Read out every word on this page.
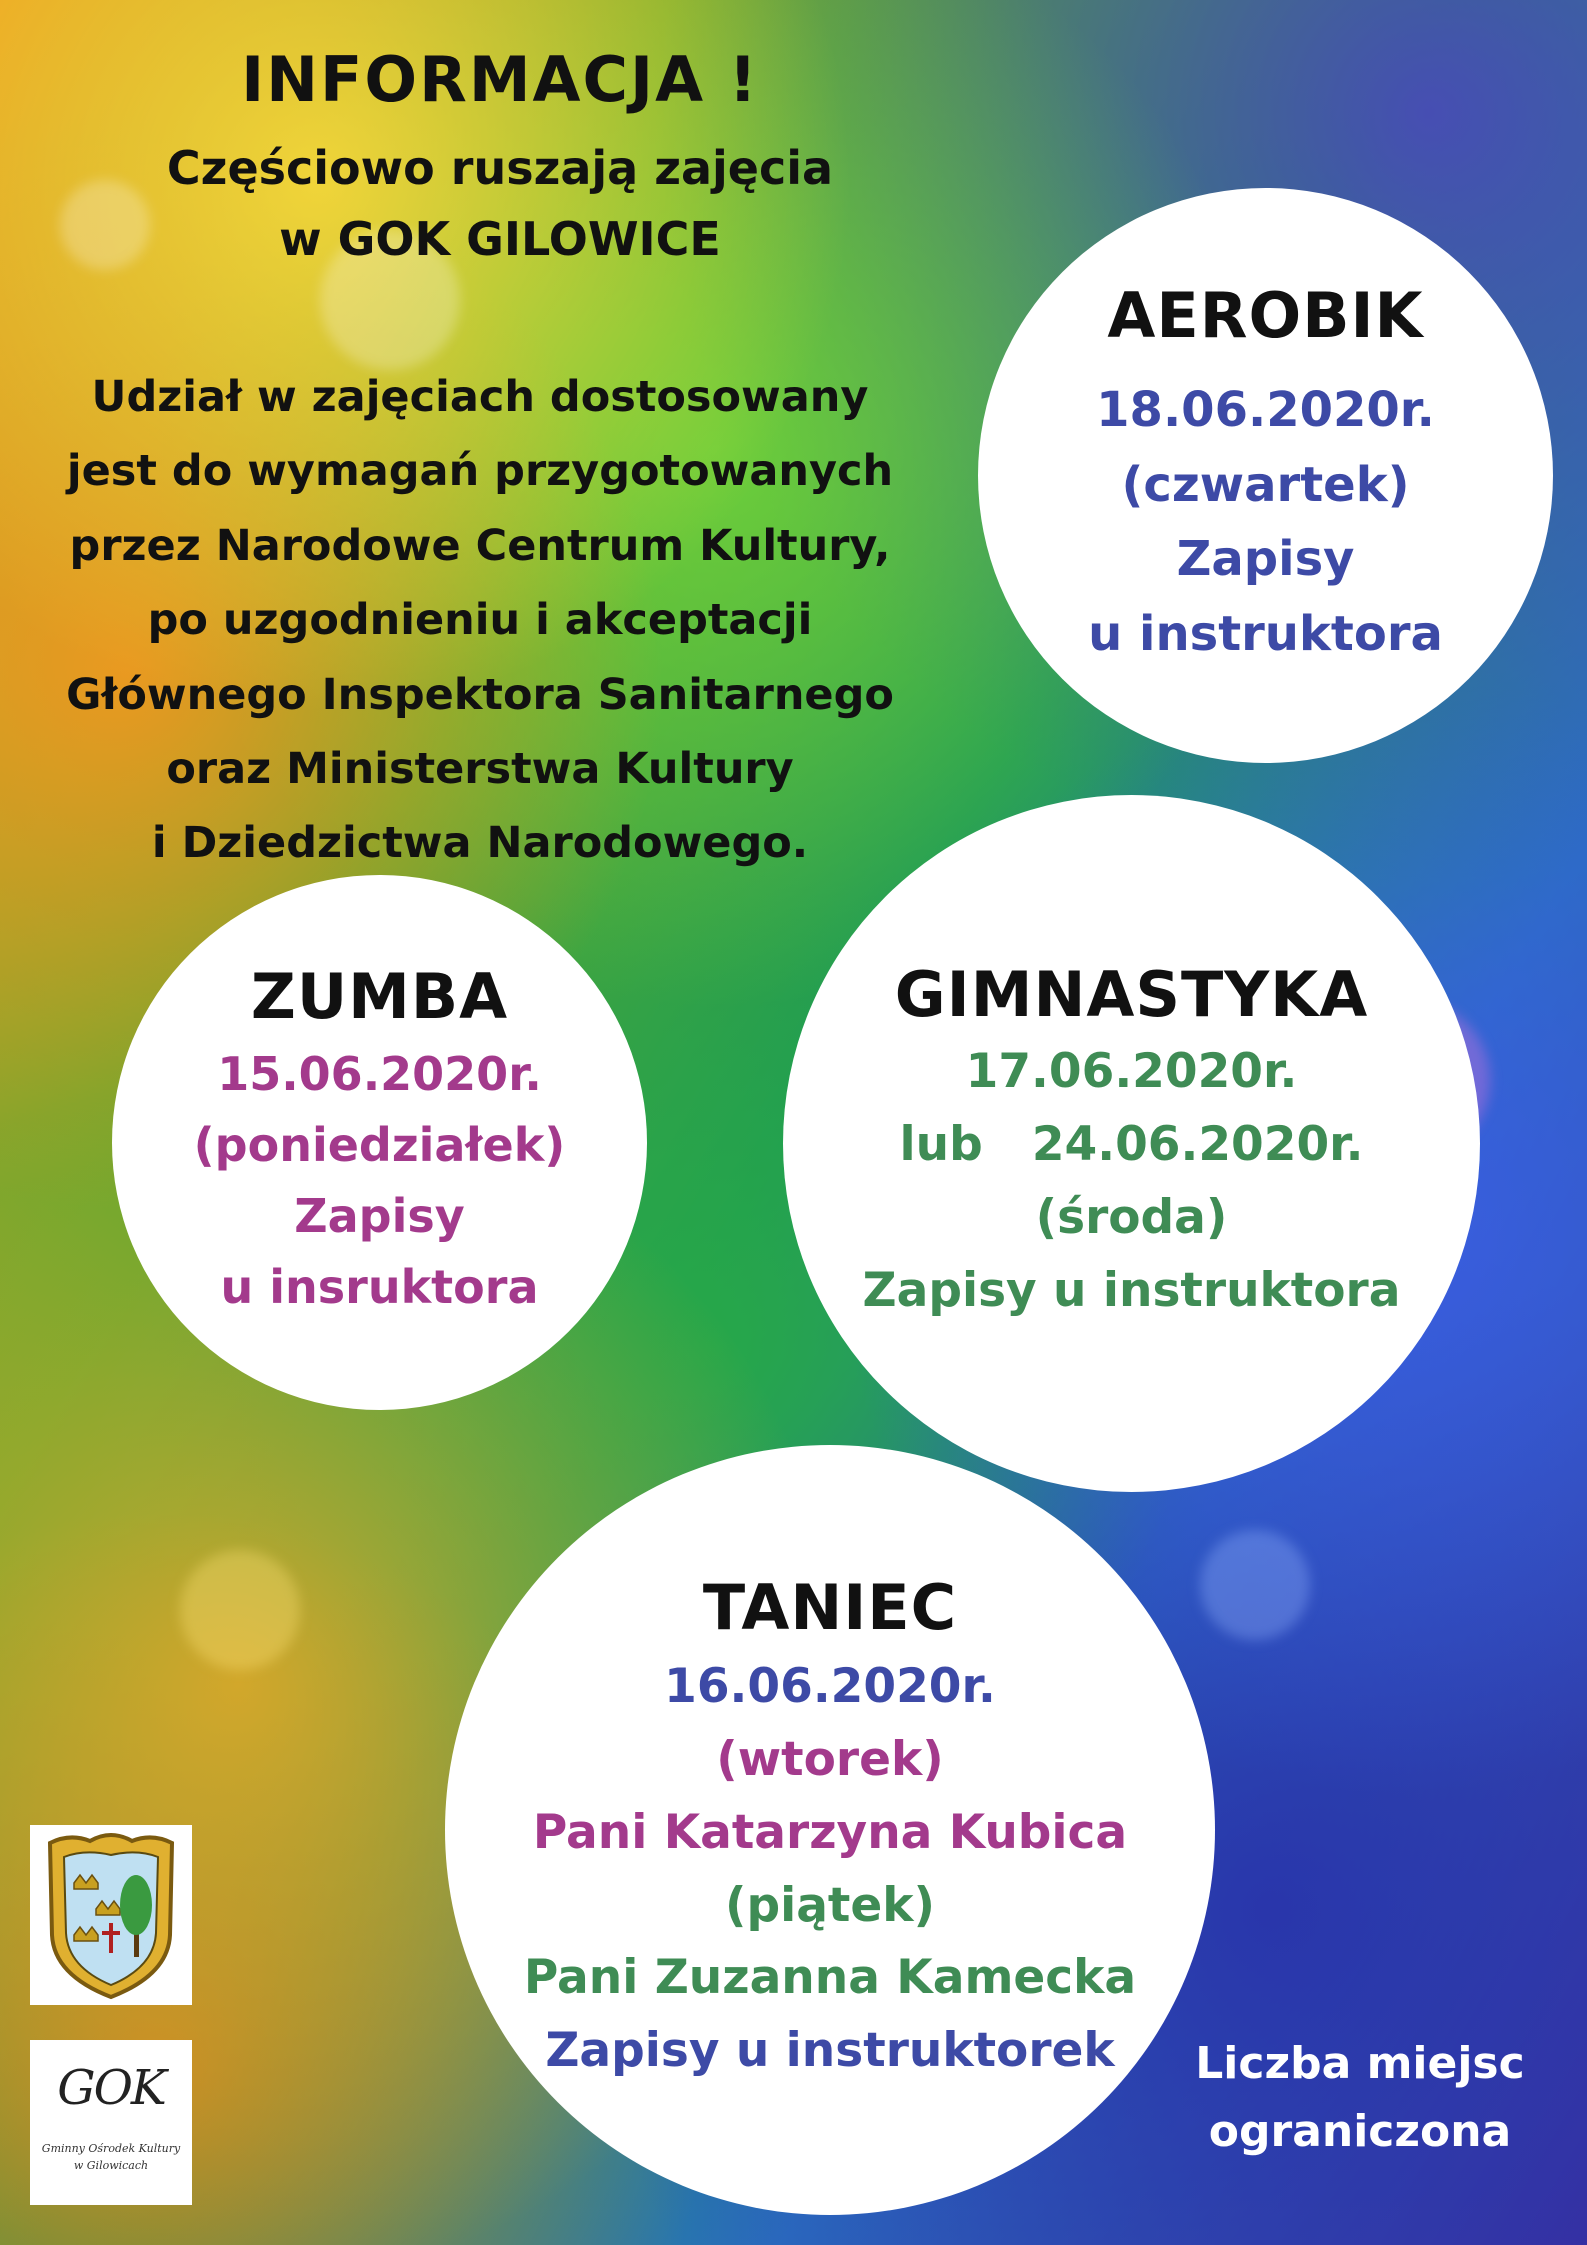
INFORMACJA !
Częściowo ruszają zajęcia
w GOK GILOWICE
Udział w zajęciach dostosowany
jest do wymagań przygotowanych
przez Narodowe Centrum Kultury,
po uzgodnieniu i akceptacji
Głównego Inspektora Sanitarnego
oraz Ministerstwa Kultury
i Dziedzictwa Narodowego.
AEROBIK
18.06.2020r.
(czwartek)
Zapisy
u instruktora
ZUMBA
15.06.2020r.
(poniedziałek)
Zapisy
u insruktora
GIMNASTYKA
17.06.2020r.
lub   24.06.2020r.
(środa)
Zapisy u instruktora
TANIEC
16.06.2020r.
(wtorek)
Pani Katarzyna Kubica
(piątek)
Pani Zuzanna Kamecka
Zapisy u instruktorek	Liczba miejsc
ograniczona
GOK
Gminny Ośrodek Kultury
w Gilowicach
